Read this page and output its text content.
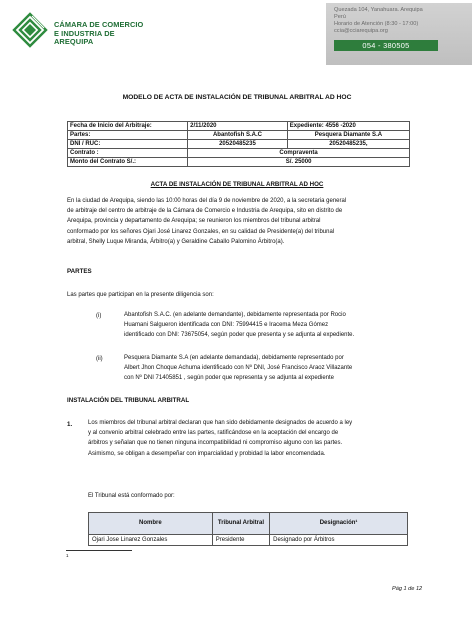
CÁMARA DE COMERCIO
E INDUSTRIA DE
AREQUIPA
Quezada 104, Yanahuara. Arequipa
Perú
Horario de Atención (8:30 - 17:00)
ccia@cciarequipa.org
054 - 380505
MODELO DE ACTA DE INSTALACIÓN DE TRIBUNAL ARBITRAL AD HOC
Fecha de Inicio del Arbitraje:	2/11/2020	Expediente: 4556 -2020
Partes:	Abantofish S.A.C	Pesquera Diamante S.A
DNI / RUC:	20520485235	20520485235,
Contrato :	Compraventa	
Monto del Contrato S/.:	S/. 25000	
ACTA DE INSTALACIÓN DE TRIBUNAL ARBITRAL AD HOC
En la ciudad de Arequipa, siendo las 10:00 horas del día 9 de noviembre de 2020, a la secretaria general
de arbitraje del centro de arbitraje de la Cámara de Comercio e Industria de Arequipa, sito en distrito de
Arequipa, provincia y departamento de Arequipa; se reunieron los miembros del tribunal arbitral
conformado por los señores Ojari José Linarez Gonzales, en su calidad de Presidente(a) del tribunal
arbitral, Shelly Luque Miranda, Árbitro(a) y Geraldine Caballo Palomino Árbitro(a).
PARTES
Las partes que participan en la presente diligencia son:
(i)	Abantofish S.A.C. (en adelante demandante), debidamente representada por Rocio
Huamani Salgueron identificada con DNI: 75994415 e Iracema Meza Gómez
identificado con DNI: 73675054, según poder que presenta y se adjunta al expediente.
(ii)	Pesquera Diamante S.A (en adelante demandada), debidamente representado por
Albert Jhon Choque Achuma identificado con Nº DNI, José Francisco Araoz Villazante
con Nº DNI 71405851 , según poder que representa y se adjunta al expediente
INSTALACIÓN DEL TRIBUNAL ARBITRAL
1.	Los miembros del tribunal arbitral declaran que han sido debidamente designados de acuerdo a ley
y al convenio arbitral celebrado entre las partes, ratificándose en la aceptación del encargo de
árbitros y señalan que no tienen ninguna incompatibilidad ni compromiso alguno con las partes.
Asimismo, se obligan a desempeñar con imparcialidad y probidad la labor encomendada.
El Tribunal está conformado por:
Nombre	Tribunal Arbitral	Designación¹
Ojari Jose Linarez Gonzales	Presidente	Designado por Árbitros
1
Pág 1 de 12
